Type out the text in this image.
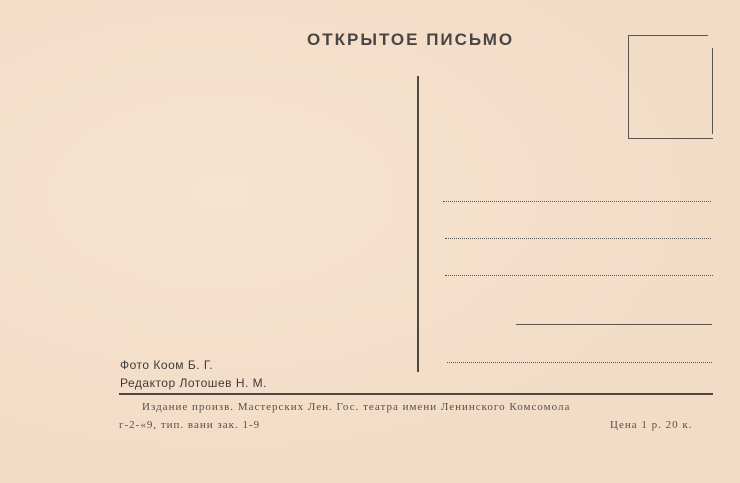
ОТКРЫТОЕ ПИСЬМО
Фото Коом Б. Г.
Редактор Лотошев Н. М.
Издание произв. Мастерских Лен. Гос. театра имени Ленинского Комсомола
г-2-«9, тип. вани зак. 1-9	Цена 1 р. 20 к.
